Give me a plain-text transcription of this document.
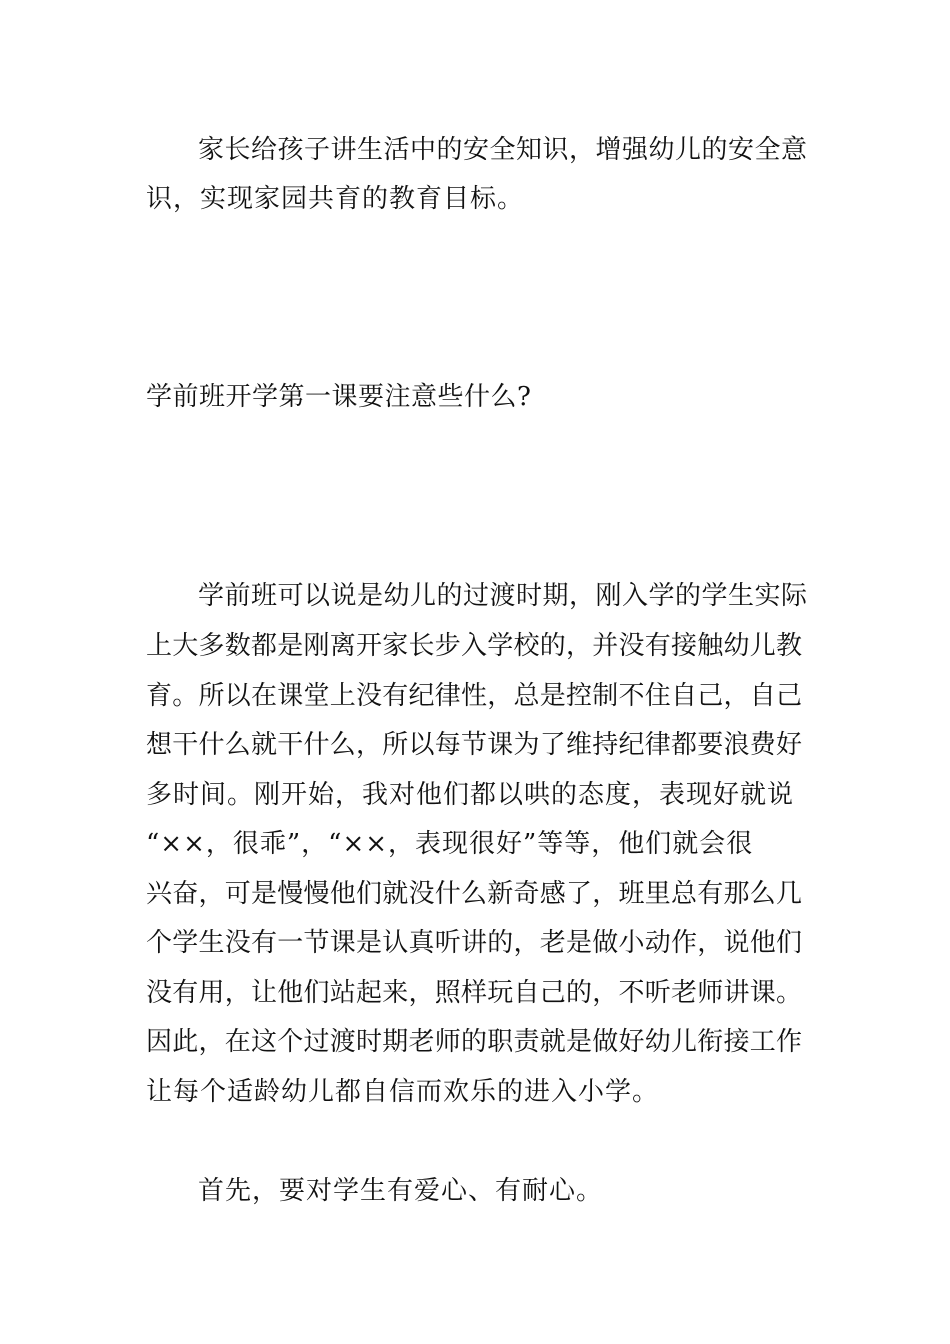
家长给孩子讲生活中的安全知识，增强幼儿的安全意
识，实现家园共育的教育目标。
学前班开学第一课要注意些什么?
学前班可以说是幼儿的过渡时期，刚入学的学生实际
上大多数都是刚离开家长步入学校的，并没有接触幼儿教
育。所以在课堂上没有纪律性，总是控制不住自己，自己
想干什么就干什么，所以每节课为了维持纪律都要浪费好
多时间。刚开始，我对他们都以哄的态度，表现好就说
“××，很乖”，“××，表现很好”等等，他们就会很
兴奋，可是慢慢他们就没什么新奇感了，班里总有那么几
个学生没有一节课是认真听讲的，老是做小动作，说他们
没有用，让他们站起来，照样玩自己的，不听老师讲课。
因此，在这个过渡时期老师的职责就是做好幼儿衔接工作
让每个适龄幼儿都自信而欢乐的进入小学。
首先，要对学生有爱心、有耐心。
